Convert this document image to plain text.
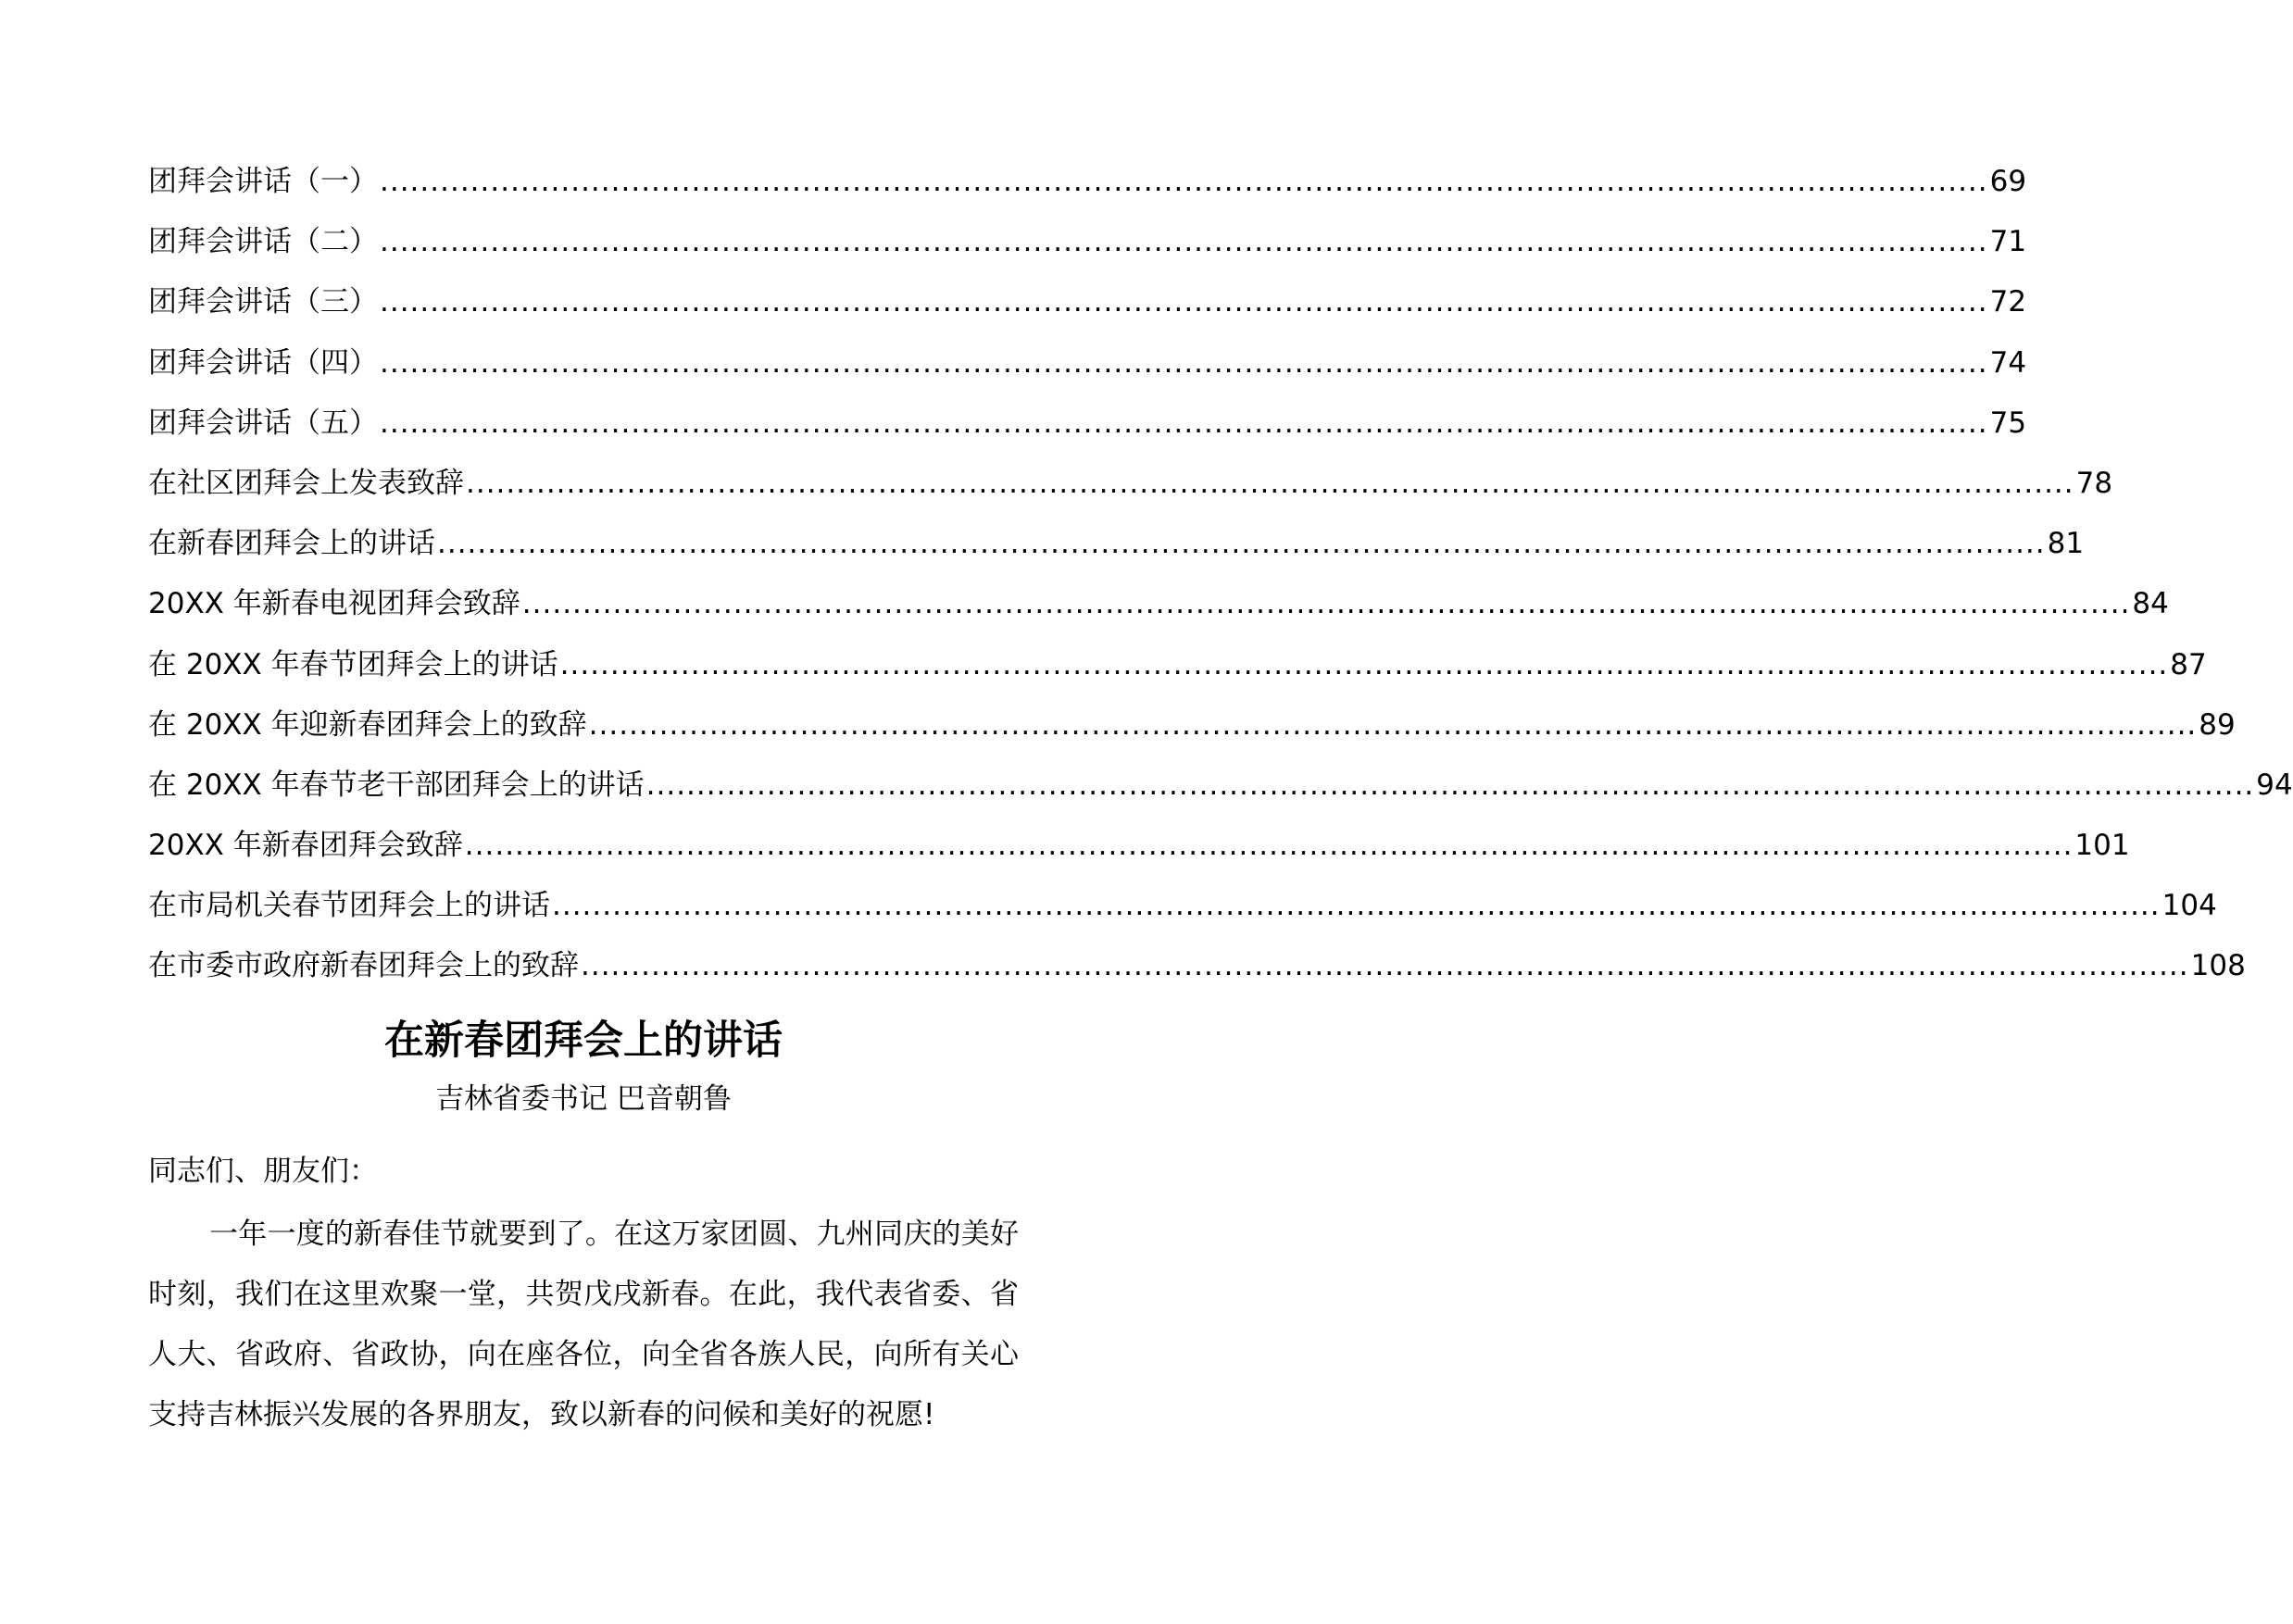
团拜会讲话（一） ................................................................................................................................................................ 69
团拜会讲话（二） ................................................................................................................................................................ 71
团拜会讲话（三） ................................................................................................................................................................ 72
团拜会讲话（四） ................................................................................................................................................................ 74
团拜会讲话（五） ................................................................................................................................................................ 75
在社区团拜会上发表致辞 ................................................................................................................................................................ 78
在新春团拜会上的讲话 ................................................................................................................................................................ 81
20XX 年新春电视团拜会致辞 ................................................................................................................................................................ 84
在 20XX 年春节团拜会上的讲话 ................................................................................................................................................................ 87
在 20XX 年迎新春团拜会上的致辞 ................................................................................................................................................................ 89
在 20XX 年春节老干部团拜会上的讲话 ................................................................................................................................................................ 94
20XX 年新春团拜会致辞 ................................................................................................................................................................ 101
在市局机关春节团拜会上的讲话 ................................................................................................................................................................ 104
在市委市政府新春团拜会上的致辞 ................................................................................................................................................................ 108
在新春团拜会上的讲话
吉林省委书记 巴音朝鲁
同志们、朋友们：
一年一度的新春佳节就要到了。在这万家团圆、九州同庆的美好时刻，我们在这里欢聚一堂，共贺戊戌新春。在此，我代表省委、省人大、省政府、省政协，向在座各位，向全省各族人民，向所有关心支持吉林振兴发展的各界朋友，致以新春的问候和美好的祝愿!
